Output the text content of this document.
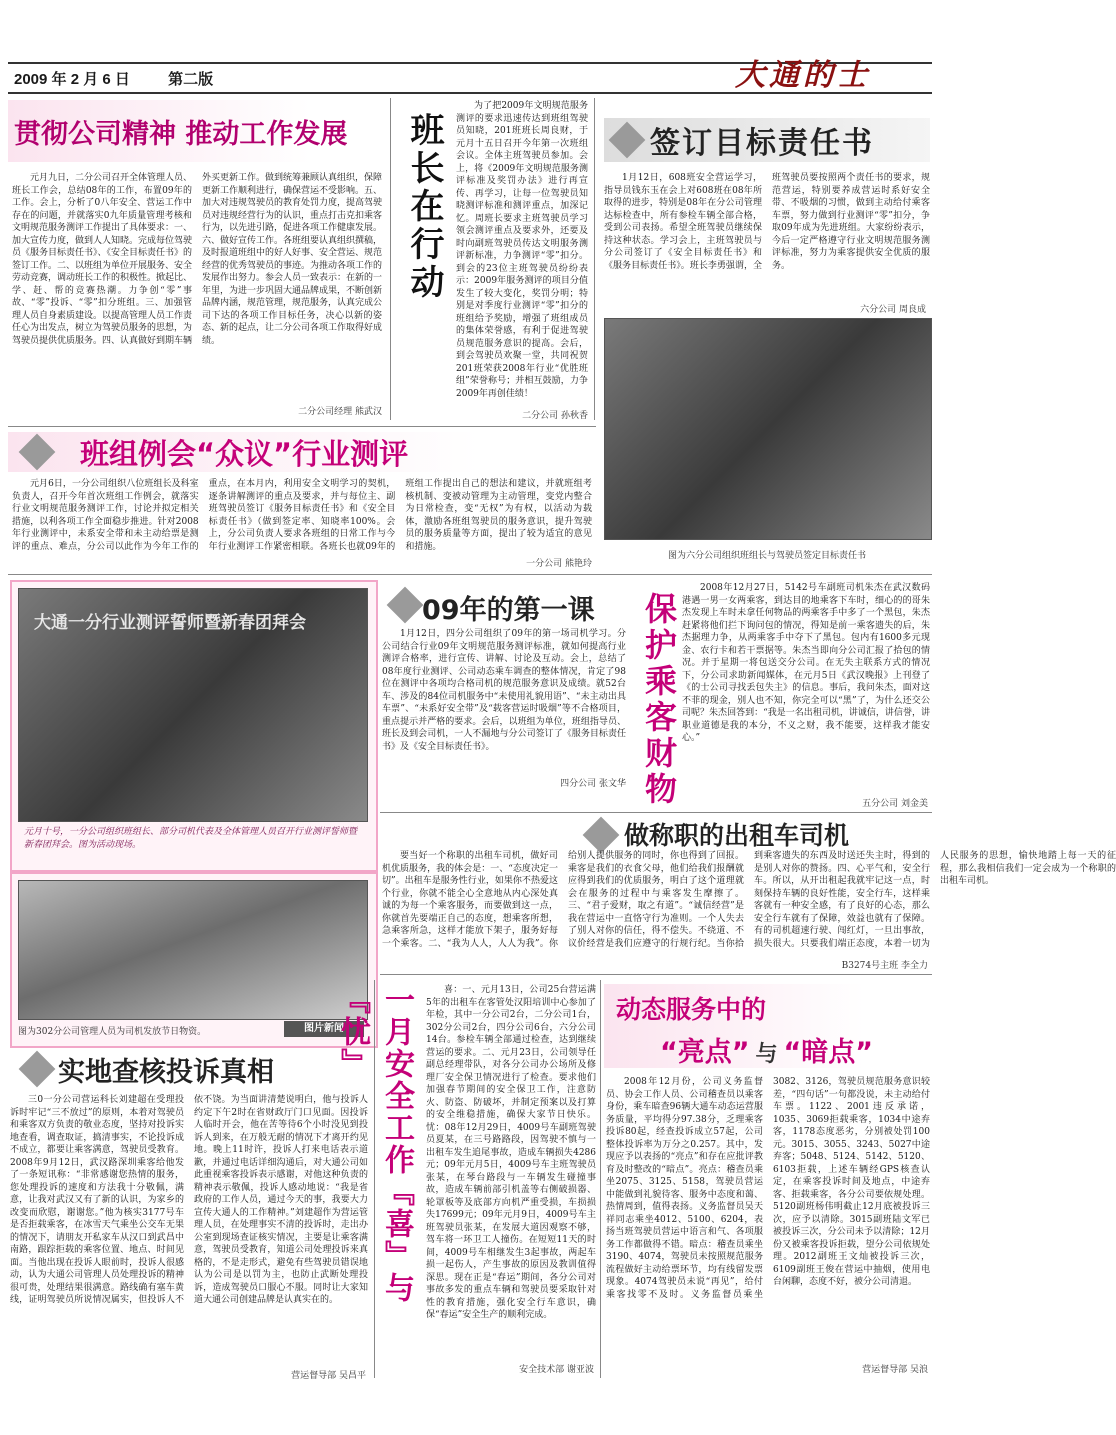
2009 年 2 月 6 日	第二版	大通的士
贯彻公司精神 推动工作发展
元月九日，二分公司召开全体管理人员、班长工作会，总结08年的工作，布置09年的工作。会上，分析了0八年安全、营运工作中存在的问题，并就落实0九年质量管理考核和文明规范服务测评工作提出了具体要求：一、加大宣传力度，做到人人知晓。完成每位驾驶员《服务目标责任书》、《安全目标责任书》的签订工作。二、以班组为单位开展服务、安全劳动竞赛，调动班长工作的积极性。掀起比、学、赶、帮的竞赛热潮。力争创“零”事故、“零”投诉、“零”扣分班组。三、加强管理人员自身素质建设。以提高管理人员工作责任心为出发点，树立为驾驶员服务的思想，为驾驶员提供优质服务。四、认真做好到期车辆外买更新工作。做到统筹兼顾认真组织，保障更新工作顺利进行，确保营运不受影响。五、加大对违规驾驶员的教育处罚力度，提高驾驶员对违规经营行为的认识，重点打击克扣乘客行为，以先进引路，促进各项工作健康发展。六、做好宣传工作。各班组要认真组织撰稿，及时报道班组中的好人好事、安全营运、规范经营的优秀驾驶员的事迹。为推动各项工作的发展作出努力。参会人员一致表示：在新的一年里，为进一步巩固大通品牌成果，不断创新品牌内涵，规范管理，规范服务，认真完成公司下达的各项工作目标任务，决心以新的姿态、新的起点，让二分公司各项工作取得好成绩。
二分公司经理 熊武汉
班长在行动
为了把2009年文明规范服务测评的要求迅速传达到班组驾驶员知晓，201班班长周良财，于元月十五日召开今年第一次班组会议。全体主班驾驶员参加。会上，将《2009年文明规范服务测评标准及奖罚办法》进行再宣传、再学习，让每一位驾驶员知晓测评标准和测评重点，加深记忆。周班长要求主班驾驶员学习领会测评重点及要求外，还要及时向副班驾驶员传达文明服务测评新标准，力争测评“零”扣分。到会的23位主班驾驶员纷纷表示：2009年服务测评的项目分值发生了较大变化，奖罚分明；特别是对季度行业测评“零”扣分的班组给予奖励，增强了班组成员的集体荣誉感，有利于促进驾驶员规范服务意识的提高。会后，到会驾驶员欢聚一堂，共同祝贺201班荣获2008年行业“优胜班组”荣誉称号；并相互鼓励，力争2009年再创佳绩！
二分公司 孙秋香
签订目标责任书
1月12日，608班安全营运学习，指导员钱东玉在会上对608班在08年所取得的进步，特别是08年在分公司管理达标检查中，所有参检车辆全部合格，受到公司表扬。希望全班驾驶员继续保持这种状态。学习会上，主班驾驶员与分公司签订了《安全目标责任书》和《服务目标责任书》。班长李勇强谓，全班驾驶员要按照两个责任书的要求，规范营运，特别要养成营运时系好安全带、不吸烟的习惯，做到主动给付乘客车票，努力做到行业测评“零”扣分，争取09年成为先进班组。大家纷纷表示，今后一定严格遵守行业文明规范服务测评标准，努力为乘客提供安全优质的服务。
六分公司 周良成
图为六分公司组织班组长与驾驶员签定目标责任书
班组例会“众议”行业测评
元月6日，一分公司组织八位班组长及科室负责人，召开今年首次班组工作例会，就落实行业文明规范服务测评工作，讨论并拟定相关措施，以利各项工作全面稳步推进。针对2008年行业测评中，未系安全带和未主动给票是测评的重点、难点，分公司以此作为今年工作的重点，在本月内，利用安全文明学习的契机，逐条讲解测评的重点及要求，并与每位主、副班驾驶员签订《服务目标责任书》和《安全目标责任书》（做到签定率、知晓率100%。会上，分公司负责人要求各班组的日常工作与今年行业测评工作紧密相联。各班长也就09年的班组工作提出自己的想法和建议，并就班组考核机制、变被动管理为主动管理，变党内整合为日常检查，变“无权”为有权，以活动为载体，激励各班组驾驶员的服务意识，提升驾驶员的服务质量等方面，提出了较为适宜的意见和措施。
一分公司 熊艳玲
大通一分行业测评誓师暨新春团拜会
元月十号，一分公司组织班组长、部分司机代表及全体管理人员召开行业测评誓师暨新春团拜会。图为活动现场。
图为302分公司管理人员为司机发放节日物资。	图片新闻
09年的第一课
1月12日，四分公司组织了09年的第一场司机学习。分公司结合行业09年文明规范服务测评标准，就如何提高行业测评合格率，进行宣传、讲解、讨论及互动。会上，总结了08年度行业测评、公司动态乘车调查的整体情况，肯定了98位在测评中各项均合格司机的规范服务意识及成绩。就52台车、涉及的84位司机服务中“未使用礼貌用语”、“未主动出具车票”、“未系好安全带”及“载客营运时吸烟”等不合格项目，重点提示并严格的要求。会后，以班组为单位，班组指导员、班长及到会司机，一人不漏地与分公司签订了《服务目标责任书》及《安全目标责任书》。
四分公司 张文华 保护乘客财物
2008年12月27日，5142号车副班司机朱杰在武汉数码港遇一男一女两乘客，到达目的地乘客下车时，细心的的哥朱杰发现上车时未拿任何物品的两乘客手中多了一个黑包，朱杰赶紧将他们拦下询问包的情况，得知是前一乘客遗失的后，朱杰据理力争，从两乘客手中夺下了黑包。包内有1600多元现金、农行卡和若干票据等。朱杰当即向分公司汇报了拾包的情况。并于星期一将包送交分公司。在无失主联系方式的情况下，分公司求助新闻媒体，在元月5日《武汉晚报》上刊登了《的士公司寻找丢包失主》的信息。事后，我问朱杰，面对这不菲的现金，别人也不知，你完全可以“黑”了，为什么还交公司呢？朱杰回答到：“我是一名出租司机，讲诚信，讲信誉，讲职业道德是我的本分，不义之财，我不能要，这样我才能安心。”
五分公司 刘金美
做称职的出租车司机
要当好一个称职的出租车司机，做好司机优质服务，我的体会是：一、“态度决定一切”。出租车是服务性行业，如果你不热爱这个行业，你就不能全心全意地从内心深处真诚的为每一个乘客服务，而要做到这一点，你就首先要端正自己的态度，想乘客所想，急乘客所急，这样才能放下架子，服务好每一个乘客。二、“我为人人，人人为我”。你给别人提供服务的同时，你也得到了回报。乘客是我们的衣食父母，他们给我们报酬就应得到我们的优质服务，明白了这个道理就会在服务的过程中与乘客发生摩擦了。三、“君子爱财，取之有道”。“诚信经营”是我在营运中一直恪守行为准则。一个人失去了别人对你的信任，得不偿失。不绕道、不议价经营是我们应遵守的行规行纪。当你拾到乘客遗失的东西及时送还失主时，得到的是别人对你的赞扬。四、心平气和，安全行车。所以，从开出租起我就牢记这一点，时刻保持车辆的良好性能，安全行车，这样乘客就有一种安全感，有了良好的心态，那么安全行车就有了保障，效益也就有了保障。有的司机超速行驶、闯红灯，一旦出事故，损失很大。只要我们端正态度，本着一切为人民服务的思想，愉快地踏上每一天的征程，那么我相信我们一定会成为一个称职的出租车司机。
B3274号主班 李全力
实地查核投诉真相
三0一分公司营运科长刘建超在受理投诉时牢记“三不放过”的原则，本着对驾驶员和乘客双方负责的敬业态度，坚持对投诉实地查看，调查取证，搞清事实，不论投诉成不成立，都要让乘客满意，驾驶员受教育。2008年9月12日，武汉路深圳乘客给他发了一条短讯称：“非常感谢您热情的服务，您处理投诉的速度和方法我十分敬佩，满意，让我对武汉又有了新的认识，为家乡的改变而欣慰，谢谢您。”他为核实3177号车是否拒载乘客，在冰雪天气乘坐公交车无果的情况下，请朋友开私家车从汉口到武昌中南路，跟踪拒载的乘客位置、地点、时间见面。当他出现在投诉人眼前时，投诉人很感动，认为大通公司管理人员处理投诉的精神很可贵，处理结果很满意。路线确有塞车黄线，证明驾驶员所说情况属实，但投诉人不依不饶。为当面讲清楚说明白，他与投诉人约定下午2时在省财政厅门口见面。因投诉人临时开会，他在苦等待6个小时没见到投诉人到来，在万般无耐的情况下才离开约见地。晚上11时许，投诉人打来电话表示道歉，并通过电话详细沟通后，对大通公司如此重视乘客投诉表示感谢，对他这种负责的精神表示敬佩，投诉人感动地说：“我是省政府的工作人员，通过今天的事，我要大力宣传大通人的工作精神。”刘建超作为营运管理人员，在处理事实不清的投诉时，走出办公室到现场查证核实情况，主要是让乘客满意，驾驶员受教育，知道公司处理投诉来真格的，不是走形式，避免有些驾驶员错误地认为公司是以罚为主，也防止武断处理投诉，造成驾驶员口服心不服。同时让大家知道大通公司创建品牌是认真实在的。
营运督导部 吴昌平
一月安全工作『喜』与『忧』	喜：一、元月13日，公司25台营运满5年的出租车在客管处汉阳培训中心参加了年检，其中一分公司2台，二分公司1台，302分公司2台，四分公司6台，六分公司14台。参检车辆全部通过检查，达到继续营运的要求。二、元月23日，公司领导任副总经理带队，对各分公司办公场所及修理厂安全保卫情况进行了检查。要求他们加强春节期间的安全保卫工作，注意防火、防盗、防破坏，并制定预案以及打算的安全维稳措施，确保大家节日快乐。忧：08年12月29日，4009号车副班驾驶员夏某，在三号路路段，因驾驶不慎与一出租车发生追尾事故，造成车辆损失4286元；09年元月5日，4009号车主班驾驶员张某，在琴台路段与一车辆发生碰撞事故，造成车辆前部引机盖等右侧破损器、轮罩板等及底部方向机严重受损，车损损失17699元；09年元月9日，4009号车主班驾驶员张某，在发展大道因观察不够，驾车将一环卫工人撞伤。在短短11天的时间，4009号车相继发生3起事故，两起车损一起伤人，产生事故的原因及教训值得深思。现在正是“春运”期间，各分公司对事故多发的重点车辆和驾驶员要采取针对性的教育措施，强化安全行车意识，确保“春运”安全生产的顺利完成。
安全技术部 谢亚波
动态服务中的
“亮点” 与 “暗点”
2008年12月份，公司义务监督员、协会工作人员、公司稽查员以乘客身份，乘车暗查96辆大通车动态运营服务质量，平均得分97.38分，乏理乘客投诉80起，经查投诉成立57起，公司整体投诉率为万分之0.257。其中，发现应予以表扬的“亮点”和存在应批评教育及时整改的“暗点”。亮点：稽查员乘坐2075、3125、5158，驾驶员营运中能做到礼貌待客、服务中态度和蔼、热情周到，值得表扬。义务监督员吴天祥同志乘坐4012、5100、6204，表扬当班驾驶员营运中语言和气、各项服务工作都做得不错。暗点：稽查员乘坐3190、4074，驾驶员未按照规范服务流程做好主动给票环节，均有线留发票现象。4074驾驶员未说“再见”，给付乘客找零不及时。义务监督员乘坐3082、3126，驾驶员规范服务意识较差，“四句话”一句都没说，未主动给付车票。1122、2001违反承诺，1035、3069拒载乘客，1034中途弃客，1178态度恶劣，分别被处罚100元。3015、3055、3243、5027中途弃客；5048、5124、5142、5120、6103拒载，上述车辆经GPS核查认定，在乘客投诉时间及地点，中途弃客、拒载乘客，各分公司要依规处理。5120副班杨伟明截止12月底被投诉三次，应予以清除。3015副班陆文军已被投诉三次，分公司未予以清除；12月份又被乘客投诉拒载，望分公司依规处理。2012副班王文灿被投诉三次，6109副班王俊在营运中抽烟，使用电台闲聊，态度不好，被分公司清退。
营运督导部 吴浪
